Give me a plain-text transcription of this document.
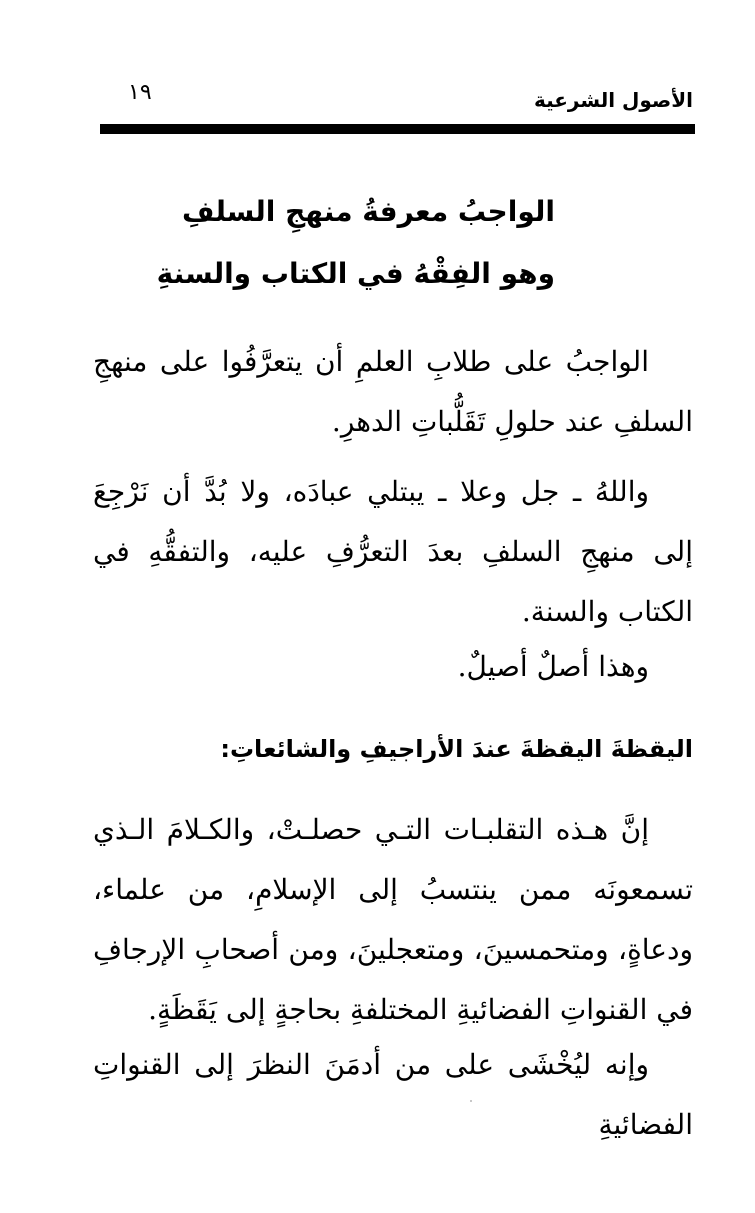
الأصول الشرعية
١٩
الواجبُ معرفةُ منهجِ السلفِ
وهو الفِقْهُ في الكتاب والسنةِ

الواجبُ على طلابِ العلمِ أن يتعرَّفُوا على منهجِ السلفِ عند حلولِ تَقَلُّباتِ الدهرِ.

واللهُ ـ جل وعلا ـ يبتلي عبادَه، ولا بُدَّ أن نَرْجِعَ إلى منهجِ السلفِ بعدَ التعرُّفِ عليه، والتفقُّهِ في الكتاب والسنة.

وهذا أصلٌ أصيلٌ.

اليقظةَ اليقظةَ عندَ الأراجيفِ والشائعاتِ:

إنَّ هـذه التقلبـات التـي حصلـتْ، والكـلامَ الـذي تسمعونَه ممن ينتسبُ إلى الإسلامِ، من علماء، ودعاةٍ، ومتحمسينَ، ومتعجلينَ، ومن أصحابِ الإرجافِ في القنواتِ الفضائيةِ المختلفةِ بحاجةٍ إلى يَقَظَةٍ.

وإنه ليُخْشَى على من أدمَنَ النظرَ إلى القنواتِ الفضائيةِ
